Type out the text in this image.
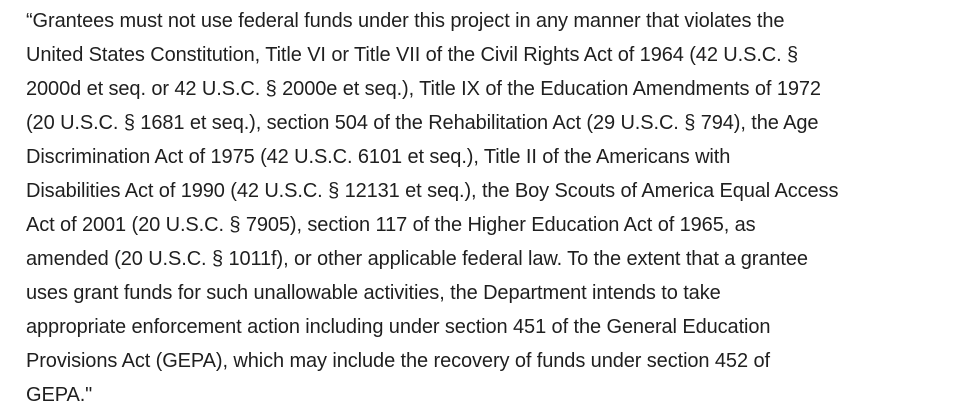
“Grantees must not use federal funds under this project in any manner that violates the
United States Constitution, Title VI or Title VII of the Civil Rights Act of 1964 (42 U.S.C. §
2000d et seq. or 42 U.S.C. § 2000e et seq.), Title IX of the Education Amendments of 1972
(20 U.S.C. § 1681 et seq.), section 504 of the Rehabilitation Act (29 U.S.C. § 794), the Age
Discrimination Act of 1975 (42 U.S.C. 6101 et seq.), Title II of the Americans with
Disabilities Act of 1990 (42 U.S.C. § 12131 et seq.), the Boy Scouts of America Equal Access
Act of 2001 (20 U.S.C. § 7905), section 117 of the Higher Education Act of 1965, as
amended (20 U.S.C. § 1011f), or other applicable federal law. To the extent that a grantee
uses grant funds for such unallowable activities, the Department intends to take
appropriate enforcement action including under section 451 of the General Education
Provisions Act (GEPA), which may include the recovery of funds under section 452 of
GEPA."
